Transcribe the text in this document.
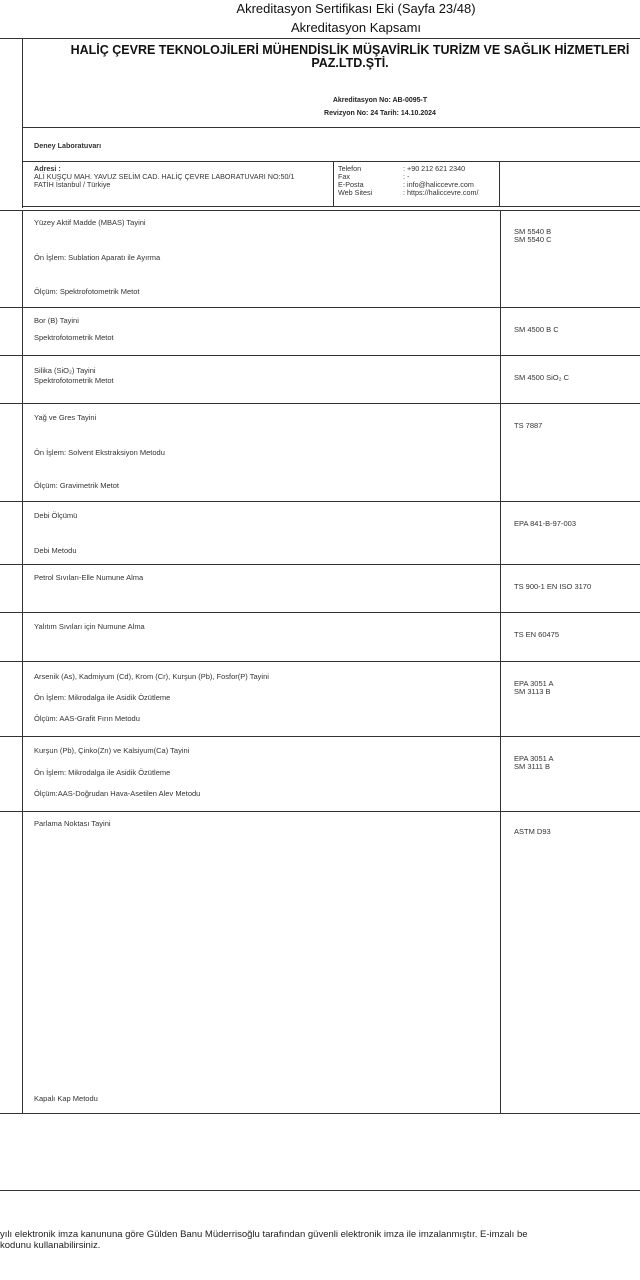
Akreditasyon Sertifikası Eki (Sayfa 23/48)
Akreditasyon Kapsamı
HALİÇ ÇEVRE TEKNOLOJİLERİ MÜHENDİSLİK MÜŞAVİRLİK TURİZM VE SAĞLIK HİZMETLERİ
PAZ.LTD.ŞTİ.
Akreditasyon No: AB-0095-T
Revizyon No: 24 Tarih: 14.10.2024
Deney Laboratuvarı
Adresi :
ALİ KUŞÇU MAH. YAVUZ SELİM CAD. HALİÇ ÇEVRE LABORATUVARI NO:50/1
FATİH İstanbul / Türkiye
Telefon
Fax
E-Posta
Web Sitesi
: +90 212 621 2340
: -
: info@haliccevre.com
: https://haliccevre.com/
Yüzey Aktif Madde (MBAS) Tayini
Ön İşlem: Sublation Aparatı ile Ayırma
Ölçüm: Spektrofotometrik Metot
SM 5540 B
SM 5540 C
Bor (B) Tayini
Spektrofotometrik Metot
SM 4500 B C
Silika (SiO₂) Tayini
Spektrofotometrik Metot	SM 4500 SiO₂ C
Yağ ve Gres Tayini
Ön İşlem: Solvent Ekstraksiyon Metodu
Ölçüm: Gravimetrik Metot
TS 7887
Debi Ölçümü
Debi Metodu
EPA 841-B-97-003
Petrol Sıvıları-Elle Numune Alma
TS 900-1 EN ISO 3170
Yalıtım Sıvıları için Numune Alma
TS EN 60475
Arsenik (As), Kadmiyum (Cd), Krom (Cr), Kurşun (Pb), Fosfor(P) Tayini
Ön İşlem: Mikrodalga ile Asidik Özütleme
Ölçüm: AAS-Grafit Fırın Metodu
EPA 3051 A
SM 3113 B
Kurşun (Pb), Çinko(Zn) ve Kalsiyum(Ca) Tayini
Ön İşlem: Mikrodalga ile Asidik Özütleme
Ölçüm:AAS-Doğrudan Hava-Asetilen Alev Metodu
EPA 3051 A
SM 3111 B
Parlama Noktası Tayini
Kapalı Kap Metodu
ASTM D93
yılı elektronik imza kanununa göre Gülden Banu Müderrisoğlu tarafından güvenli elektronik imza ile imzalanmıştır. E-imzalı be
kodunu kullanabilirsiniz.
